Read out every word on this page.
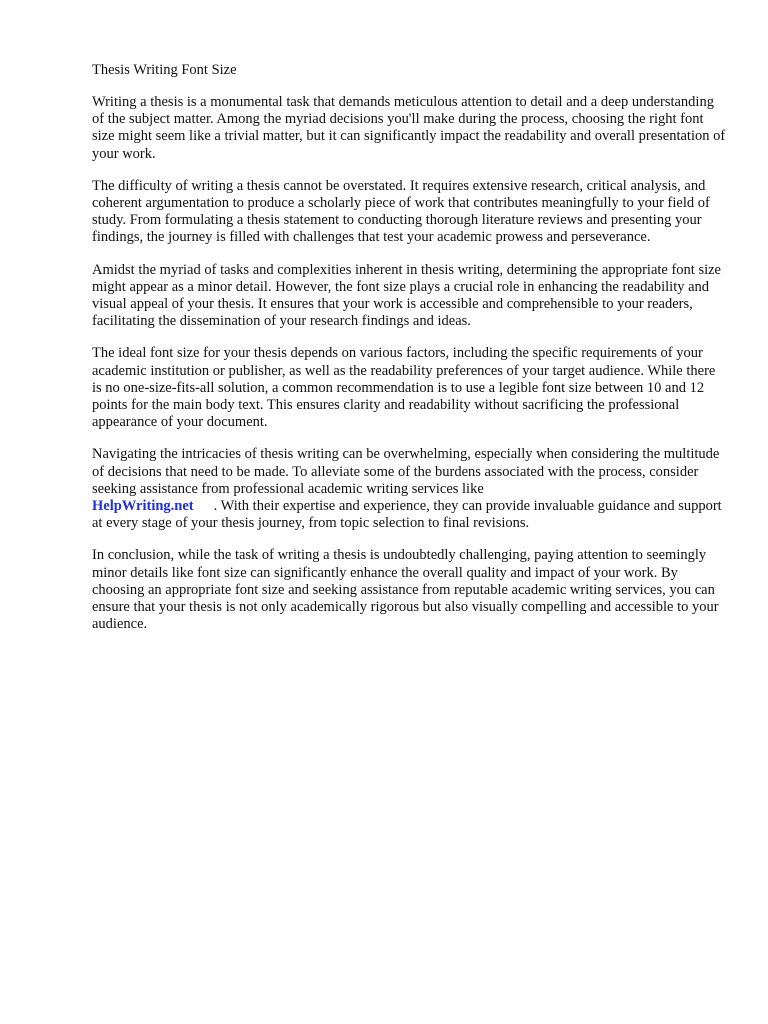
Thesis Writing Font Size

Writing a thesis is a monumental task that demands meticulous attention to detail and a deep understanding of the subject matter. Among the myriad decisions you'll make during the process, choosing the right font size might seem like a trivial matter, but it can significantly impact the readability and overall presentation of your work.

The difficulty of writing a thesis cannot be overstated. It requires extensive research, critical analysis, and coherent argumentation to produce a scholarly piece of work that contributes meaningfully to your field of study. From formulating a thesis statement to conducting thorough literature reviews and presenting your findings, the journey is filled with challenges that test your academic prowess and perseverance.

Amidst the myriad of tasks and complexities inherent in thesis writing, determining the appropriate font size might appear as a minor detail. However, the font size plays a crucial role in enhancing the readability and visual appeal of your thesis. It ensures that your work is accessible and comprehensible to your readers, facilitating the dissemination of your research findings and ideas.

The ideal font size for your thesis depends on various factors, including the specific requirements of your academic institution or publisher, as well as the readability preferences of your target audience. While there is no one-size-fits-all solution, a common recommendation is to use a legible font size between 10 and 12 points for the main body text. This ensures clarity and readability without sacrificing the professional appearance of your document.

Navigating the intricacies of thesis writing can be overwhelming, especially when considering the multitude of decisions that need to be made. To alleviate some of the burdens associated with the process, consider seeking assistance from professional academic writing services like
HelpWriting.net . With their expertise and experience, they can provide invaluable guidance and support at every stage of your thesis journey, from topic selection to final revisions.

In conclusion, while the task of writing a thesis is undoubtedly challenging, paying attention to seemingly minor details like font size can significantly enhance the overall quality and impact of your work. By choosing an appropriate font size and seeking assistance from reputable academic writing services, you can ensure that your thesis is not only academically rigorous but also visually compelling and accessible to your audience.
